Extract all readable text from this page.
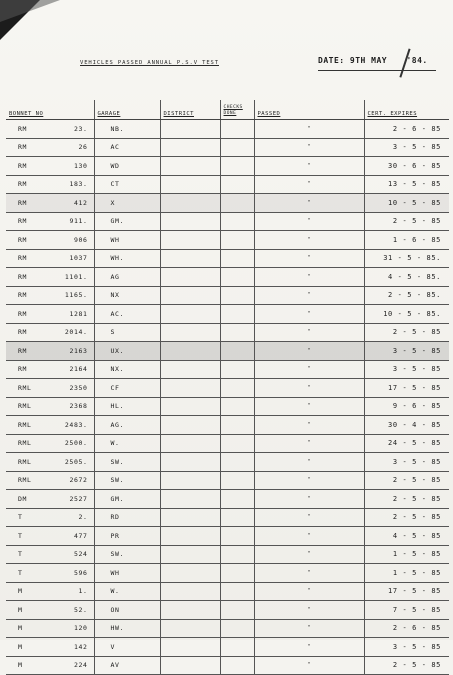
VEHICLES PASSED ANNUAL P.S.V TEST	DATE: 9TH MAY '84.
BONNET NO	GARAGE	DISTRICT	CHECKS DONE	PASSED	CERT. EXPIRES

RM 23.	NB.			"	2 - 6 - 85

RM 26	AC			"	3 - 5 - 85

RM 130	WD			"	30 - 6 - 85

RM 183.	CT			"	13 - 5 - 85

RM 412	X			"	10 - 5 - 85

RM 911.	GM.			"	2 - 5 - 85

RM 906	WH			"	1 - 6 - 85

RM 1037	WH.			"	31 - 5 - 85.

RM 1101.	AG			"	4 - 5 - 85.

RM 1165.	NX			"	2 - 5 - 85.

RM 1281	AC.			"	10 - 5 - 85.

RM 2014.	S			"	2 - 5 - 85

RM 2163	UX.			"	3 - 5 - 85

RM 2164	NX.			"	3 - 5 - 85

RML 2350	CF			"	17 - 5 - 85

RML 2368	HL.			"	9 - 6 - 85

RML 2483.	AG.			"	30 - 4 - 85

RML 2500.	W.			"	24 - 5 - 85

RML 2505.	SW.			"	3 - 5 - 85

RML 2672	SW.			"	2 - 5 - 85

DM 2527	GM.			"	2 - 5 - 85

T 2.	RD			"	2 - 5 - 85

T 477	PR			"	4 - 5 - 85

T 524	SW.			"	1 - 5 - 85

T 596	WH			"	1 - 5 - 85

M 1.	W.			"	17 - 5 - 85

M 52.	ON			"	7 - 5 - 85

M 120	HW.			"	2 - 6 - 85

M 142	V			"	3 - 5 - 85

M 224	AV			"	2 - 5 - 85
